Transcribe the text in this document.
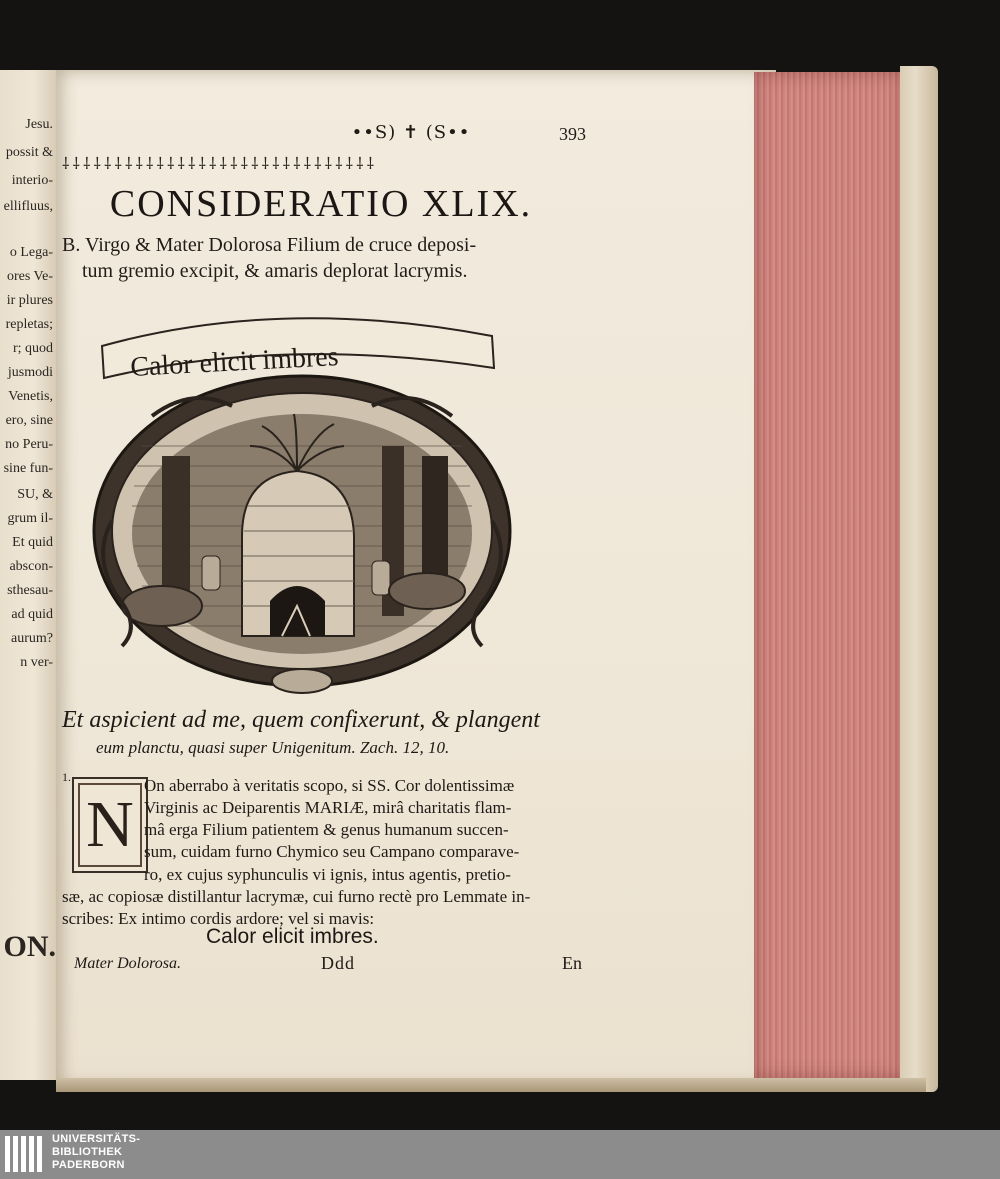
ON.
Jesu.
possit &
interio-
ellifluus,
o Lega-
ores Ve-
ir plures
repletas;
r; quod
jusmodi
Venetis,
ero, sine
no Peru-
sine fun-
SU, &
grum il-
Et quid
abscon-
sthesau-
ad quid
aurum?
n ver-
••S) ✝ (S••	393
⸸⸸⸸⸸⸸⸸⸸⸸⸸⸸⸸⸸⸸⸸⸸⸸⸸⸸⸸⸸⸸⸸⸸⸸⸸⸸⸸⸸⸸⸸
CONSIDERATIO XLIX.
B. Virgo & Mater Dolorosa Filium de cruce deposi-
tum gremio excipit, & amaris deplorat lacrymis.
Calor elicit imbres
Et aspicient ad me, quem confixerunt, & plangent
eum planctu, quasi super Unigenitum. Zach. 12, 10.
1.
N
On aberrabo à veritatis scopo, si SS. Cor dolentissimæ
Virginis ac Deiparentis MARIÆ, mirâ charitatis flam-
mâ erga Filium patientem & genus humanum succen-
sum, cuidam furno Chymico seu Campano comparave-
ro, ex cujus syphunculis vi ignis, intus agentis, pretio-
sæ, ac copiosæ distillantur lacrymæ, cui furno rectè pro Lemmate in-
scribes: Ex intimo cordis ardore; vel si mavis:
Calor elicit imbres.
Mater Dolorosa.	Ddd	En
UNIVERSITÄTS-
BIBLIOTHEK
PADERBORN
